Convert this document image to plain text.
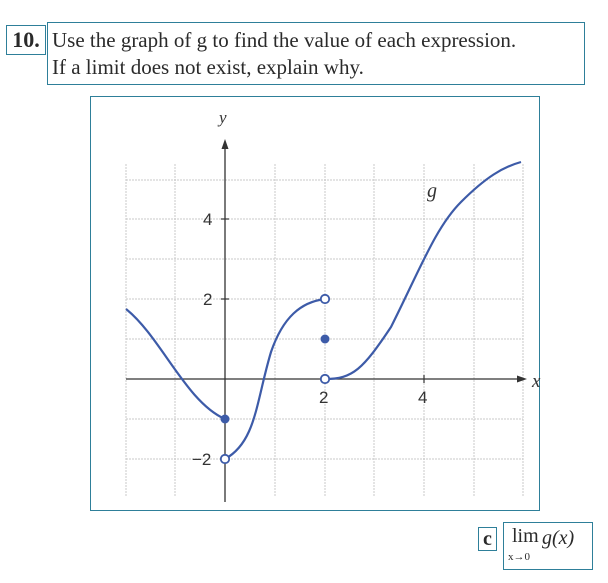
10. Use the graph of g to find the value of each expression.
If a limit does not exist, explain why.
y
x
4
2
−2
2	4
g
c lim
x→0
g(x)
